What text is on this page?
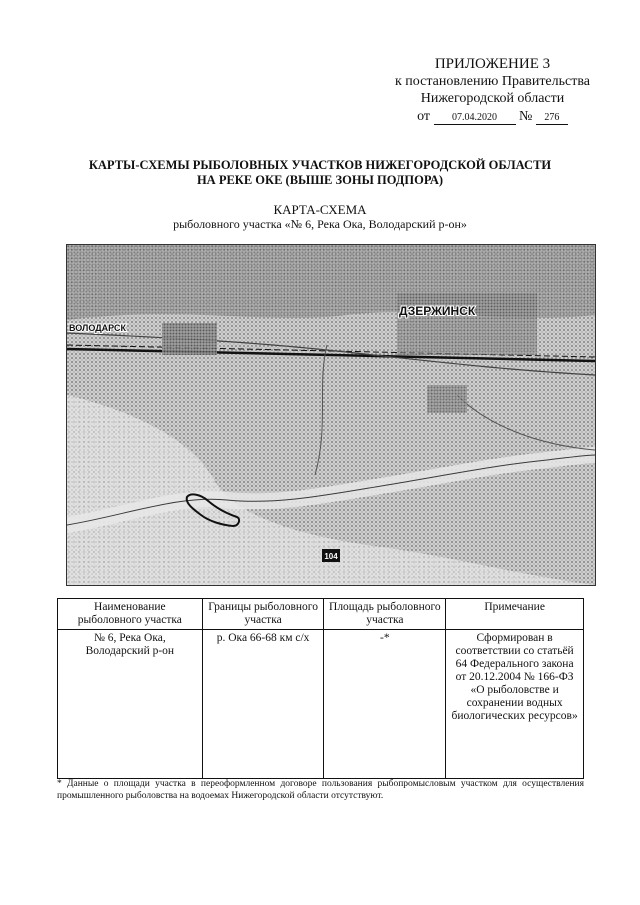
ПРИЛОЖЕНИЕ 3
к постановлению Правительства
Нижегородской области
от 07.04.2020 № 276
КАРТЫ-СХЕМЫ РЫБОЛОВНЫХ УЧАСТКОВ НИЖЕГОРОДСКОЙ ОБЛАСТИ
НА РЕКЕ ОКЕ (ВЫШЕ ЗОНЫ ПОДПОРА)
КАРТА-СХЕМА
рыболовного участка «№ 6, Река Ока, Володарский р-он»
104
ВОЛОДАРСК
ДЗЕРЖИНСК
Наименование рыболовного участка	Границы рыболовного участка	Площадь рыболовного участка	Примечание
№ 6, Река Ока, Володарский р-он	р. Ока 66-68 км с/х	-*	Сформирован в соответствии со статьёй 64 Федерального закона от 20.12.2004 № 166-ФЗ «О рыболовстве и сохранении водных биологических ресурсов»
* Данные о площади участка в переоформленном договоре пользования рыбопромысловым участком для осуществления промышленного рыболовства на водоемах Нижегородской области отсутствуют.
